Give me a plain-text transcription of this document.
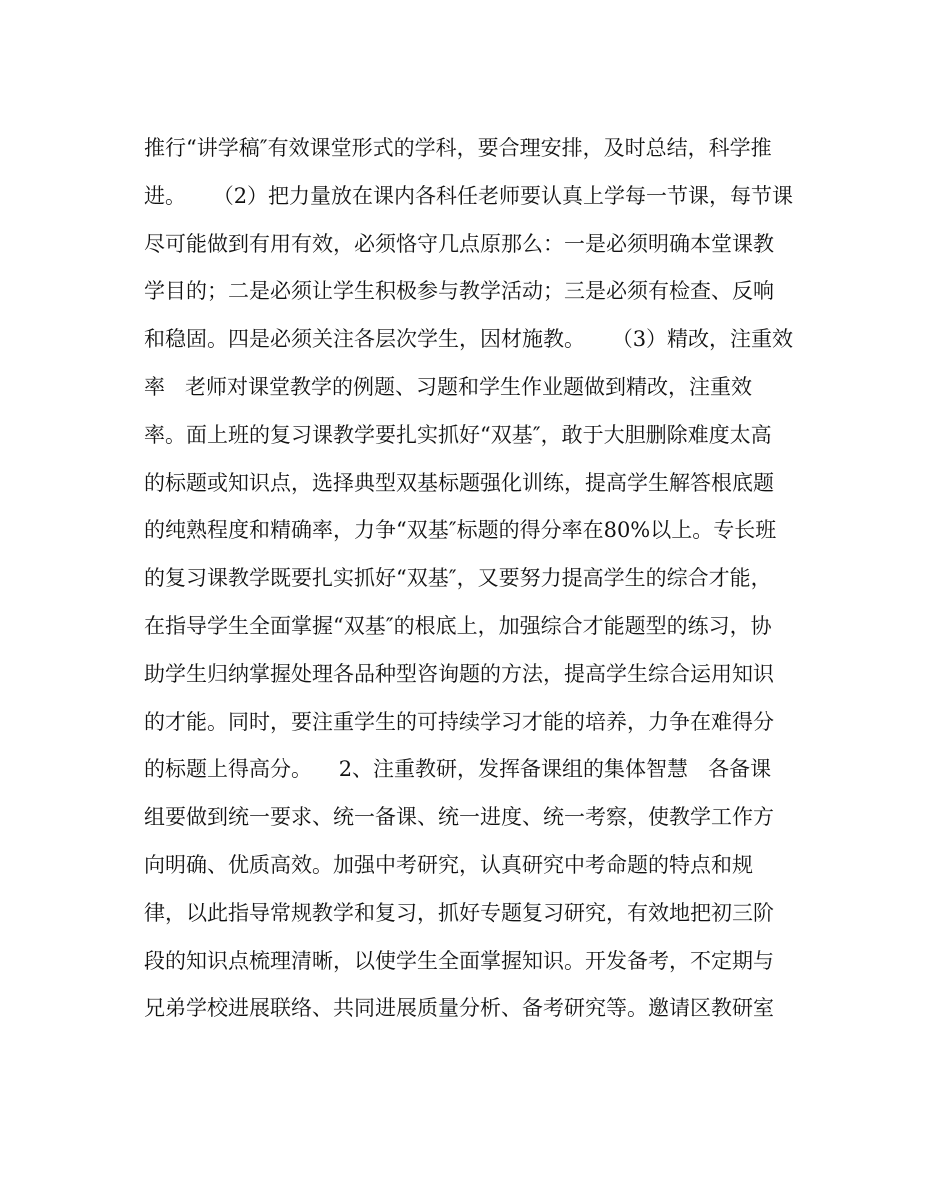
推行“讲学稿″有效课堂形式的学科，要合理安排，及时总结，科学推
进。    （2）把力量放在课内各科任老师要认真上学每一节课，每节课
尽可能做到有用有效，必须恪守几点原那么：一是必须明确本堂课教
学目的；二是必须让学生积极参与教学活动；三是必须有检查、反响
和稳固。四是必须关注各层次学生，因材施教。    （3）精改，注重效
率   老师对课堂教学的例题、习题和学生作业题做到精改，注重效
率。面上班的复习课教学要扎实抓好“双基″，敢于大胆删除难度太高
的标题或知识点，选择典型双基标题强化训练，提高学生解答根底题
的纯熟程度和精确率，力争“双基″标题的得分率在80%以上。专长班
的复习课教学既要扎实抓好“双基″，又要努力提高学生的综合才能，
在指导学生全面掌握“双基″的根底上，加强综合才能题型的练习，协
助学生归纳掌握处理各品种型咨询题的方法，提高学生综合运用知识
的才能。同时，要注重学生的可持续学习才能的培养，力争在难得分
的标题上得高分。    2、注重教研，发挥备课组的集体智慧   各备课
组要做到统一要求、统一备课、统一进度、统一考察，使教学工作方
向明确、优质高效。加强中考研究，认真研究中考命题的特点和规
律，以此指导常规教学和复习，抓好专题复习研究，有效地把初三阶
段的知识点梳理清晰，以使学生全面掌握知识。开发备考，不定期与
兄弟学校进展联络、共同进展质量分析、备考研究等。邀请区教研室
